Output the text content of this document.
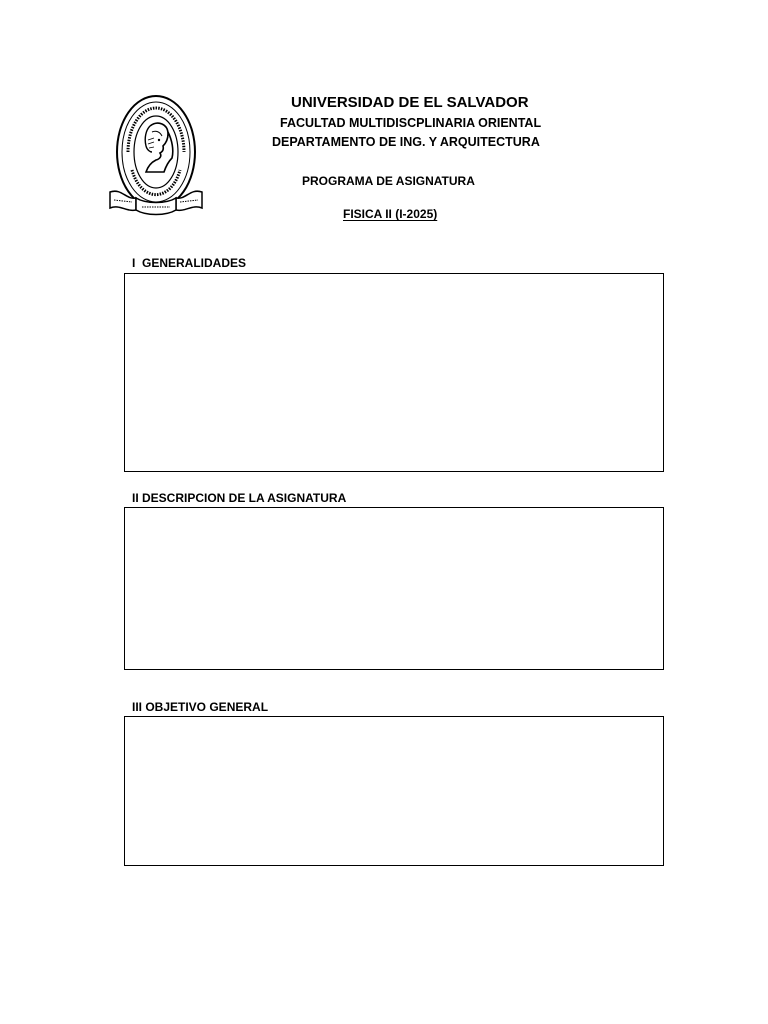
UNIVERSIDAD DE EL SALVADOR
FACULTAD MULTIDISCPLINARIA ORIENTAL
DEPARTAMENTO DE ING. Y ARQUITECTURA
PROGRAMA DE ASIGNATURA
FISICA II (I-2025)
I  GENERALIDADES
II DESCRIPCION DE LA ASIGNATURA
III OBJETIVO GENERAL
